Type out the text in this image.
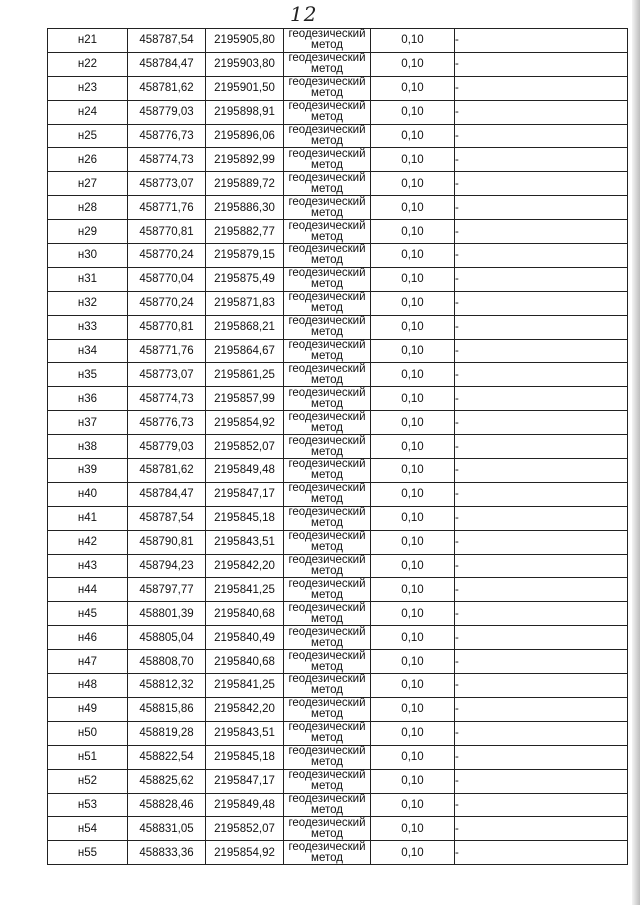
12
н21	458787,54	2195905,80	геодезический метод	0,10	-
н22	458784,47	2195903,80	геодезический метод	0,10	-
н23	458781,62	2195901,50	геодезический метод	0,10	-
н24	458779,03	2195898,91	геодезический метод	0,10	-
н25	458776,73	2195896,06	геодезический метод	0,10	-
н26	458774,73	2195892,99	геодезический метод	0,10	-
н27	458773,07	2195889,72	геодезический метод	0,10	-
н28	458771,76	2195886,30	геодезический метод	0,10	-
н29	458770,81	2195882,77	геодезический метод	0,10	-
н30	458770,24	2195879,15	геодезический метод	0,10	-
н31	458770,04	2195875,49	геодезический метод	0,10	-
н32	458770,24	2195871,83	геодезический метод	0,10	-
н33	458770,81	2195868,21	геодезический метод	0,10	-
н34	458771,76	2195864,67	геодезический метод	0,10	-
н35	458773,07	2195861,25	геодезический метод	0,10	-
н36	458774,73	2195857,99	геодезический метод	0,10	-
н37	458776,73	2195854,92	геодезический метод	0,10	-
н38	458779,03	2195852,07	геодезический метод	0,10	-
н39	458781,62	2195849,48	геодезический метод	0,10	-
н40	458784,47	2195847,17	геодезический метод	0,10	-
н41	458787,54	2195845,18	геодезический метод	0,10	-
н42	458790,81	2195843,51	геодезический метод	0,10	-
н43	458794,23	2195842,20	геодезический метод	0,10	-
н44	458797,77	2195841,25	геодезический метод	0,10	-
н45	458801,39	2195840,68	геодезический метод	0,10	-
н46	458805,04	2195840,49	геодезический метод	0,10	-
н47	458808,70	2195840,68	геодезический метод	0,10	-
н48	458812,32	2195841,25	геодезический метод	0,10	-
н49	458815,86	2195842,20	геодезический метод	0,10	-
н50	458819,28	2195843,51	геодезический метод	0,10	-
н51	458822,54	2195845,18	геодезический метод	0,10	-
н52	458825,62	2195847,17	геодезический метод	0,10	-
н53	458828,46	2195849,48	геодезический метод	0,10	-
н54	458831,05	2195852,07	геодезический метод	0,10	-
н55	458833,36	2195854,92	геодезический метод	0,10	-
